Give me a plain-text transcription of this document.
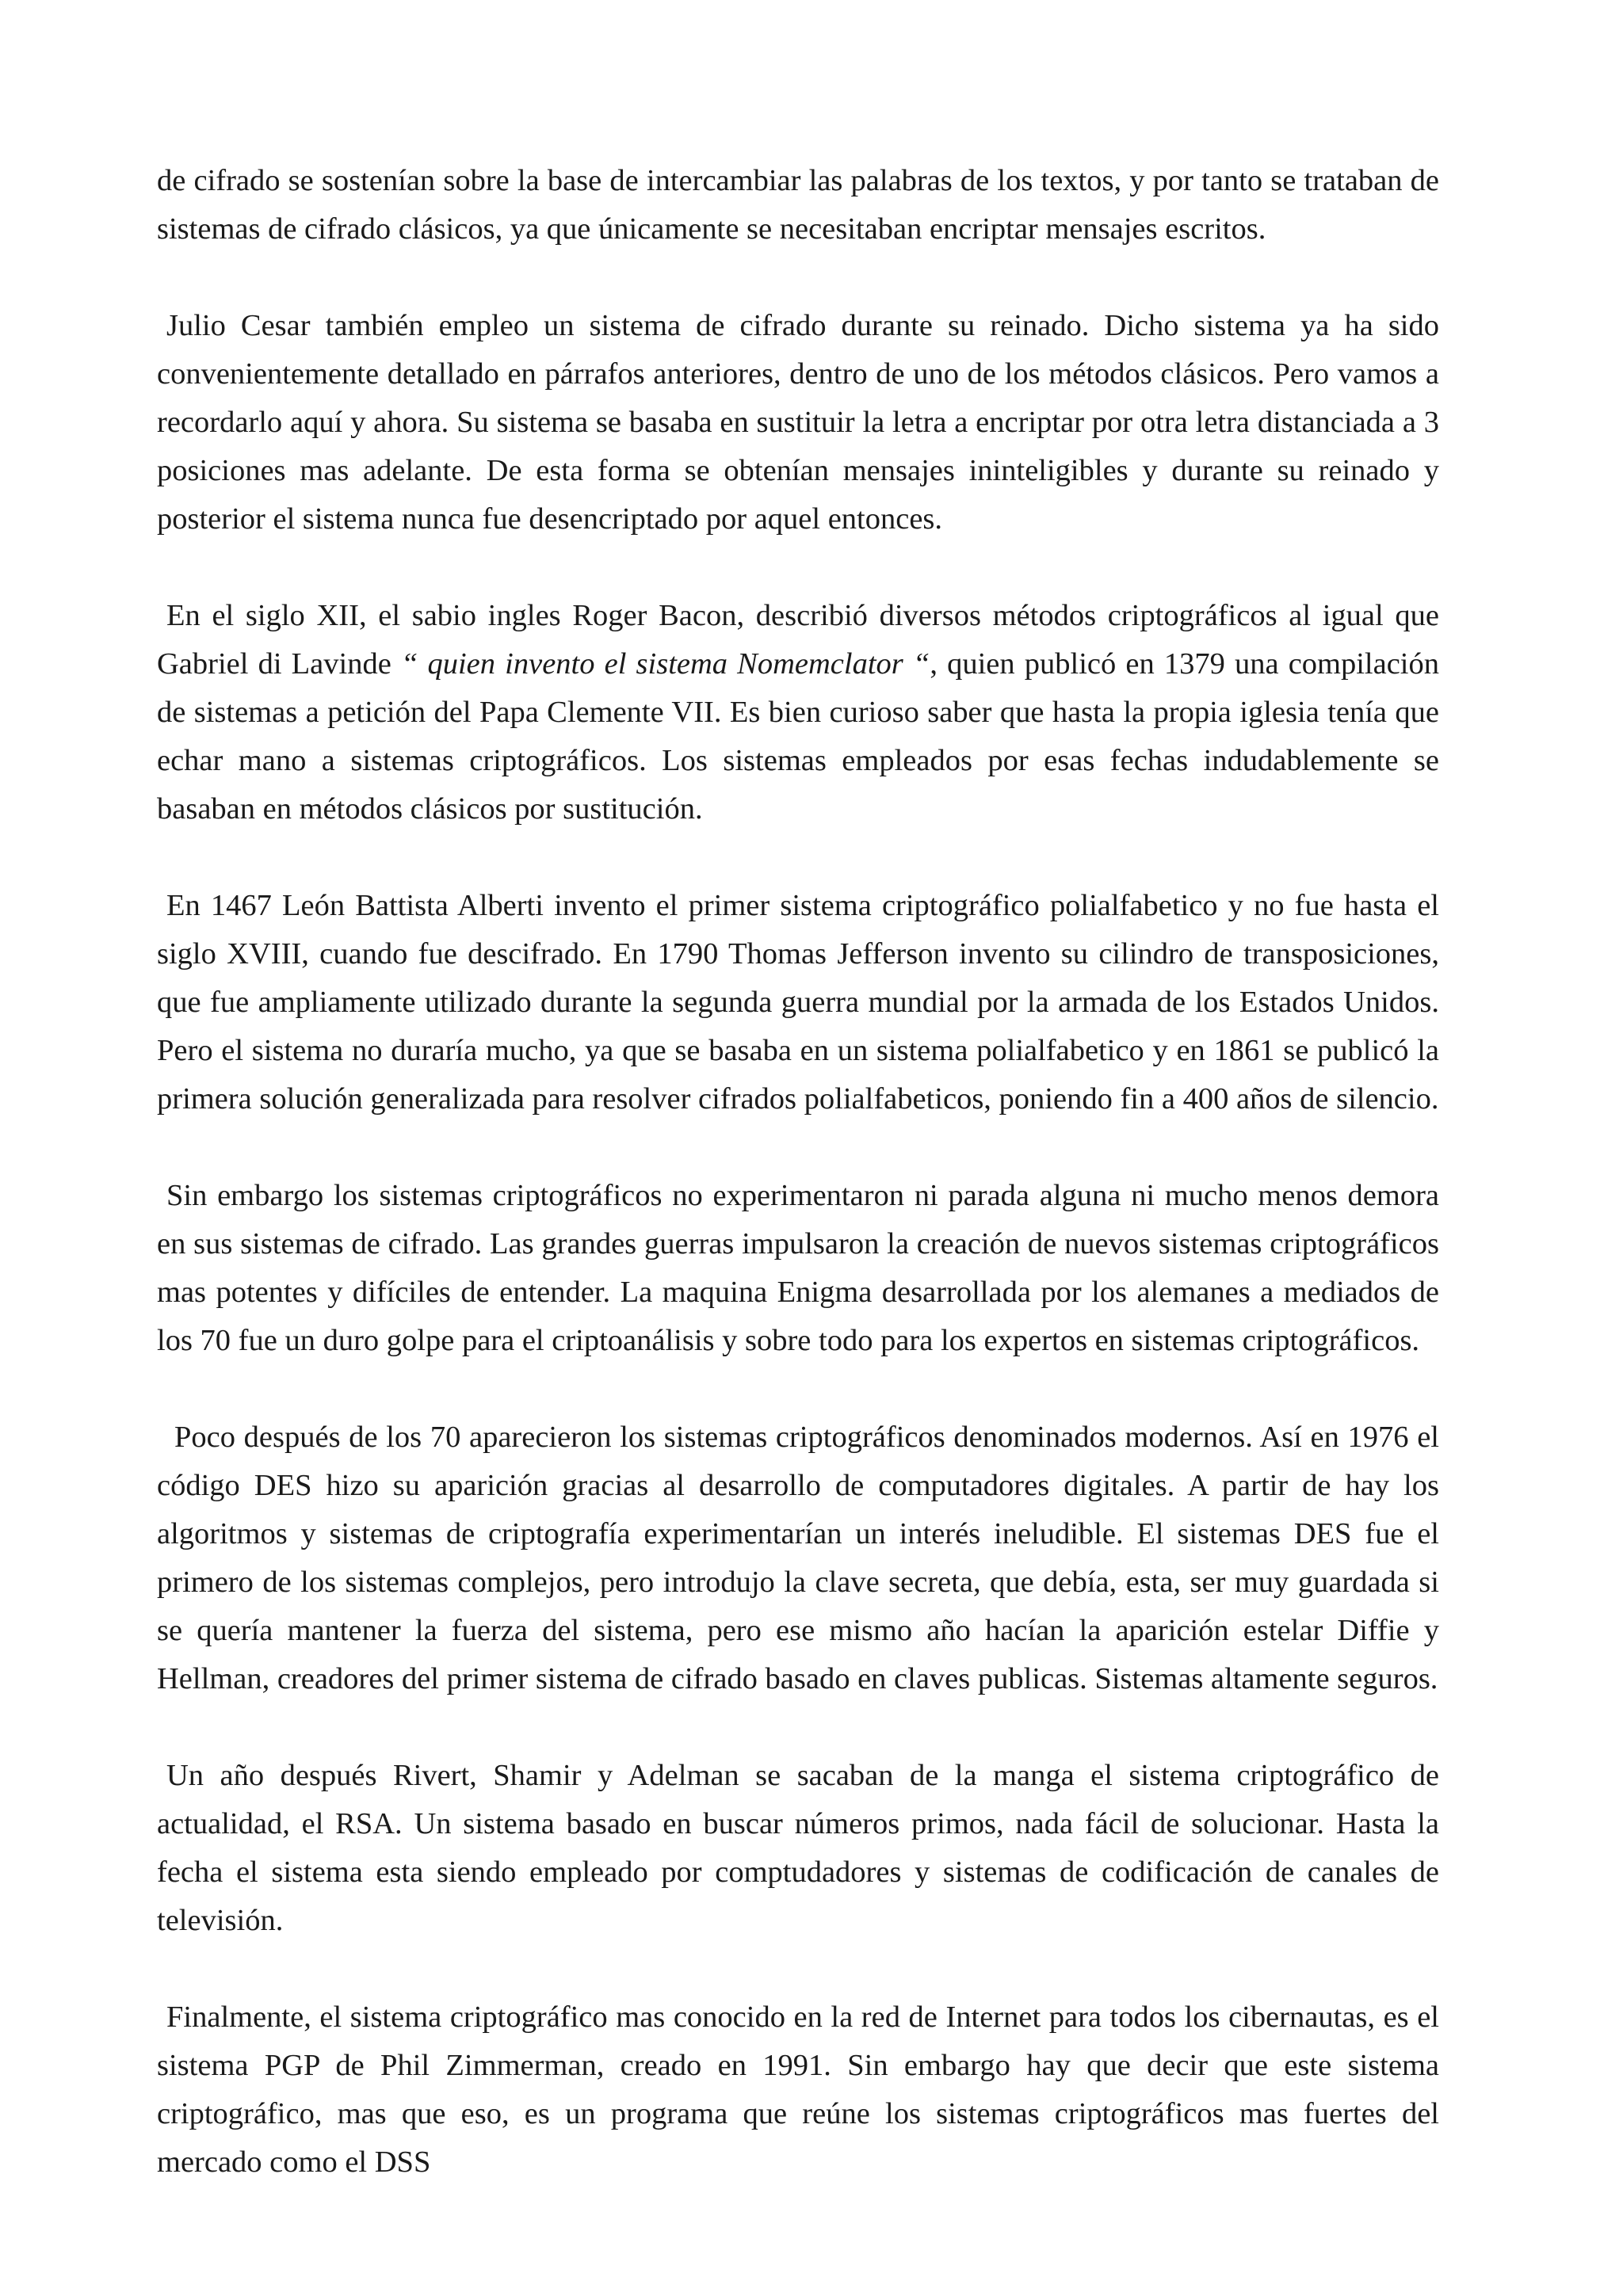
de cifrado se sostenían sobre la base de intercambiar las palabras de los textos, y por tanto se trataban de sistemas de cifrado clásicos, ya que únicamente se necesitaban encriptar mensajes escritos.

Julio Cesar también empleo un sistema de cifrado durante su reinado. Dicho sistema ya ha sido convenientemente detallado en párrafos anteriores, dentro de uno de los métodos clásicos. Pero vamos a recordarlo aquí y ahora. Su sistema se basaba en sustituir la letra a encriptar por otra letra distanciada a 3 posiciones mas adelante. De esta forma se obtenían mensajes ininteligibles y durante su reinado y posterior el sistema nunca fue desencriptado por aquel entonces.

En el siglo XII, el sabio ingles Roger Bacon, describió diversos métodos criptográficos al igual que Gabriel di Lavinde “ quien invento el sistema Nomemclator “, quien publicó en 1379 una compilación de sistemas a petición del Papa Clemente VII. Es bien curioso saber que hasta la propia iglesia tenía que echar mano a sistemas criptográficos. Los sistemas empleados por esas fechas indudablemente se basaban en métodos clásicos por sustitución.

En 1467 León Battista Alberti invento el primer sistema criptográfico polialfabetico y no fue hasta el siglo XVIII, cuando fue descifrado. En 1790 Thomas Jefferson invento su cilindro de transposiciones, que fue ampliamente utilizado durante la segunda guerra mundial por la armada de los Estados Unidos. Pero el sistema no duraría mucho, ya que se basaba en un sistema polialfabetico y en 1861 se publicó la primera solución generalizada para resolver cifrados polialfabeticos, poniendo fin a 400 años de silencio.

Sin embargo los sistemas criptográficos no experimentaron ni parada alguna ni mucho menos demora en sus sistemas de cifrado. Las grandes guerras impulsaron la creación de nuevos sistemas criptográficos mas potentes y difíciles de entender. La maquina Enigma desarrollada por los alemanes a mediados de los 70 fue un duro golpe para el criptoanálisis y sobre todo para los expertos en sistemas criptográficos.

Poco después de los 70 aparecieron los sistemas criptográficos denominados modernos. Así en 1976 el código DES hizo su aparición gracias al desarrollo de computadores digitales. A partir de hay los algoritmos y sistemas de criptografía experimentarían un interés ineludible. El sistemas DES fue el primero de los sistemas complejos, pero introdujo la clave secreta, que debía, esta, ser muy guardada si se quería mantener la fuerza del sistema, pero ese mismo año hacían la aparición estelar Diffie y Hellman, creadores del primer sistema de cifrado basado en claves publicas. Sistemas altamente seguros.

Un año después Rivert, Shamir y Adelman se sacaban de la manga el sistema criptográfico de actualidad, el RSA. Un sistema basado en buscar números primos, nada fácil de solucionar. Hasta la fecha el sistema esta siendo empleado por comptudadores y sistemas de codificación de canales de televisión.

Finalmente, el sistema criptográfico mas conocido en la red de Internet para todos los cibernautas, es el sistema PGP de Phil Zimmerman, creado en 1991. Sin embargo hay que decir que este sistema criptográfico, mas que eso, es un programa que reúne los sistemas criptográficos mas fuertes del mercado como el DSS
